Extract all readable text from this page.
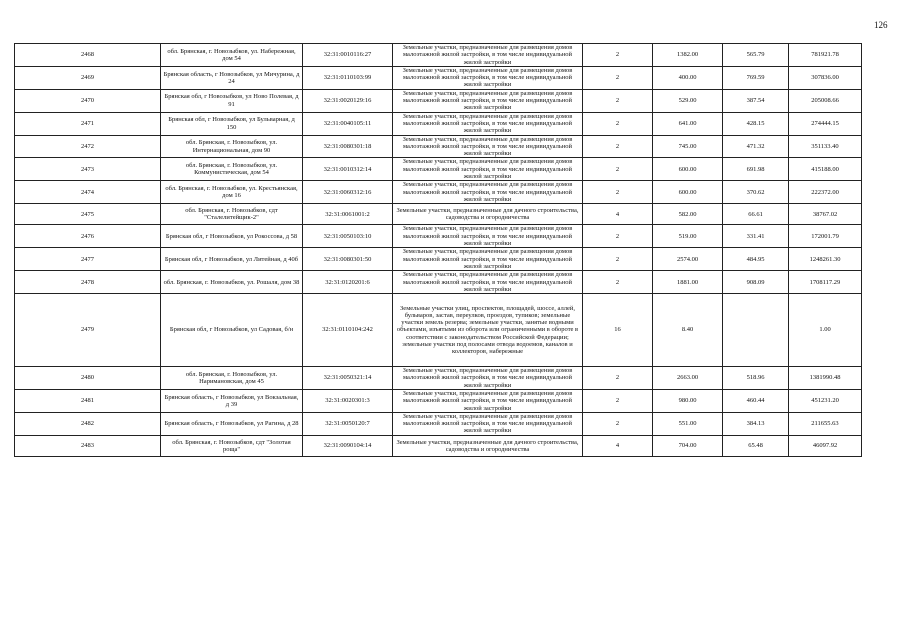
126
2468	обл. Брянская, г. Новозыбков, ул. Набережная, дом 54	32:31:0010116:27	Земельные участки, предназначенные для размещения домов малоэтажной жилой застройки, в том числе индивидуальной жилой застройки	2	1382.00	565.79	781921.78
2469	Брянская область, г Новозыбков, ул Мичурина, д 24	32:31:0110103:99	Земельные участки, предназначенные для размещения домов малоэтажной жилой застройки, в том числе индивидуальной жилой застройки	2	400.00	769.59	307836.00
2470	Брянская обл, г Новозыбков, ул Ново Полевая, д 91	32:31:0020129:16	Земельные участки, предназначенные для размещения домов малоэтажной жилой застройки, в том числе индивидуальной жилой застройки	2	529.00	387.54	205008.66
2471	Брянская обл, г Новозыбков, ул Бульварная, д 150	32:31:0040105:11	Земельные участки, предназначенные для размещения домов малоэтажной жилой застройки, в том числе индивидуальной жилой застройки	2	641.00	428.15	274444.15
2472	обл. Брянская, г. Новозыбков, ул. Интернациональная, дом 90	32:31:0080301:18	Земельные участки, предназначенные для размещения домов малоэтажной жилой застройки, в том числе индивидуальной жилой застройки	2	745.00	471.32	351133.40
2473	обл. Брянская, г. Новозыбков, ул. Коммунистическая, дом 54	32:31:0010312:14	Земельные участки, предназначенные для размещения домов малоэтажной жилой застройки, в том числе индивидуальной жилой застройки	2	600.00	691.98	415188.00
2474	обл. Брянская, г. Новозыбков, ул. Крестьянская, дом 16	32:31:0060312:16	Земельные участки, предназначенные для размещения домов малоэтажной жилой застройки, в том числе индивидуальной жилой застройки	2	600.00	370.62	222372.00
2475	обл. Брянская, г. Новозыбков, сдт "Сталелитейщик-2"	32:31:0061001:2	Земельные участки, предназначенные для дачного строительства, садоводства и огородничества	4	582.00	66.61	38767.02
2476	Брянская обл, г Новозыбков, ул Рокоссова, д 58	32:31:0050103:10	Земельные участки, предназначенные для размещения домов малоэтажной жилой застройки, в том числе индивидуальной жилой застройки	2	519.00	331.41	172001.79
2477	Брянская обл, г Новозыбков, ул Литейная, д 40б	32:31:0080301:50	Земельные участки, предназначенные для размещения домов малоэтажной жилой застройки, в том числе индивидуальной жилой застройки	2	2574.00	484.95	1248261.30
2478	обл. Брянская, г. Новозыбков, ул. Рошаля, дом 38	32:31:0120201:6	Земельные участки, предназначенные для размещения домов малоэтажной жилой застройки, в том числе индивидуальной жилой застройки	2	1881.00	908.09	1708117.29
2479	Брянская обл, г Новозыбков, ул Садовая, б/н	32:31:0110104:242	Земельные участки улиц, проспектов, площадей, шоссе, аллей, бульваров, застав, переулков, проездов, тупиков; земельные участки земель резерва; земельные участки, занятые водными объектами, изъятыми из оборота или ограниченными в обороте в соответствии с законодательством Российской Федерации; земельные участки под полосами отвода водоемов, каналов и коллекторов, набережные	16	8.40		1.00
2480	обл. Брянская, г. Новозыбков, ул. Наримановская, дом 45	32:31:0050321:14	Земельные участки, предназначенные для размещения домов малоэтажной жилой застройки, в том числе индивидуальной жилой застройки	2	2663.00	518.96	1381990.48
2481	Брянская область, г Новозыбков, ул Вокзальная, д 39	32:31:0020301:3	Земельные участки, предназначенные для размещения домов малоэтажной жилой застройки, в том числе индивидуальной жилой застройки	2	980.00	460.44	451231.20
2482	Брянская область, г Новозыбков, ул Рагина, д 28	32:31:0050120:7	Земельные участки, предназначенные для размещения домов малоэтажной жилой застройки, в том числе индивидуальной жилой застройки	2	551.00	384.13	211655.63
2483	обл. Брянская, г. Новозыбков, сдт "Золотая роща"	32:31:0090104:14	Земельные участки, предназначенные для дачного строительства, садоводства и огородничества	4	704.00	65.48	46097.92
